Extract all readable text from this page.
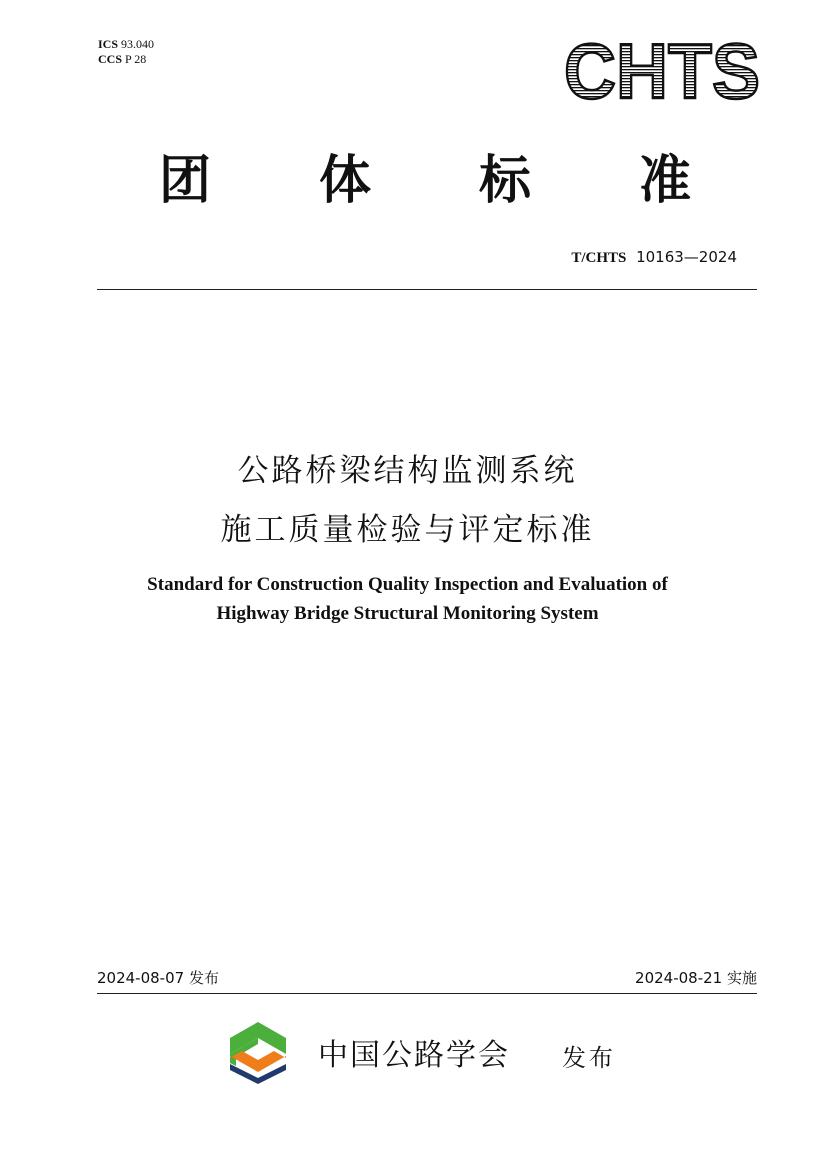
ICS 93.040
CCS P 28	CHTS
团 体 标 准
T/CHTS 10163—2024
公路桥梁结构监测系统
施工质量检验与评定标准
Standard for Construction Quality Inspection and Evaluation of
Highway Bridge Structural Monitoring System
2024-08-07 发布	2024-08-21 实施
中国公路学会 发布
